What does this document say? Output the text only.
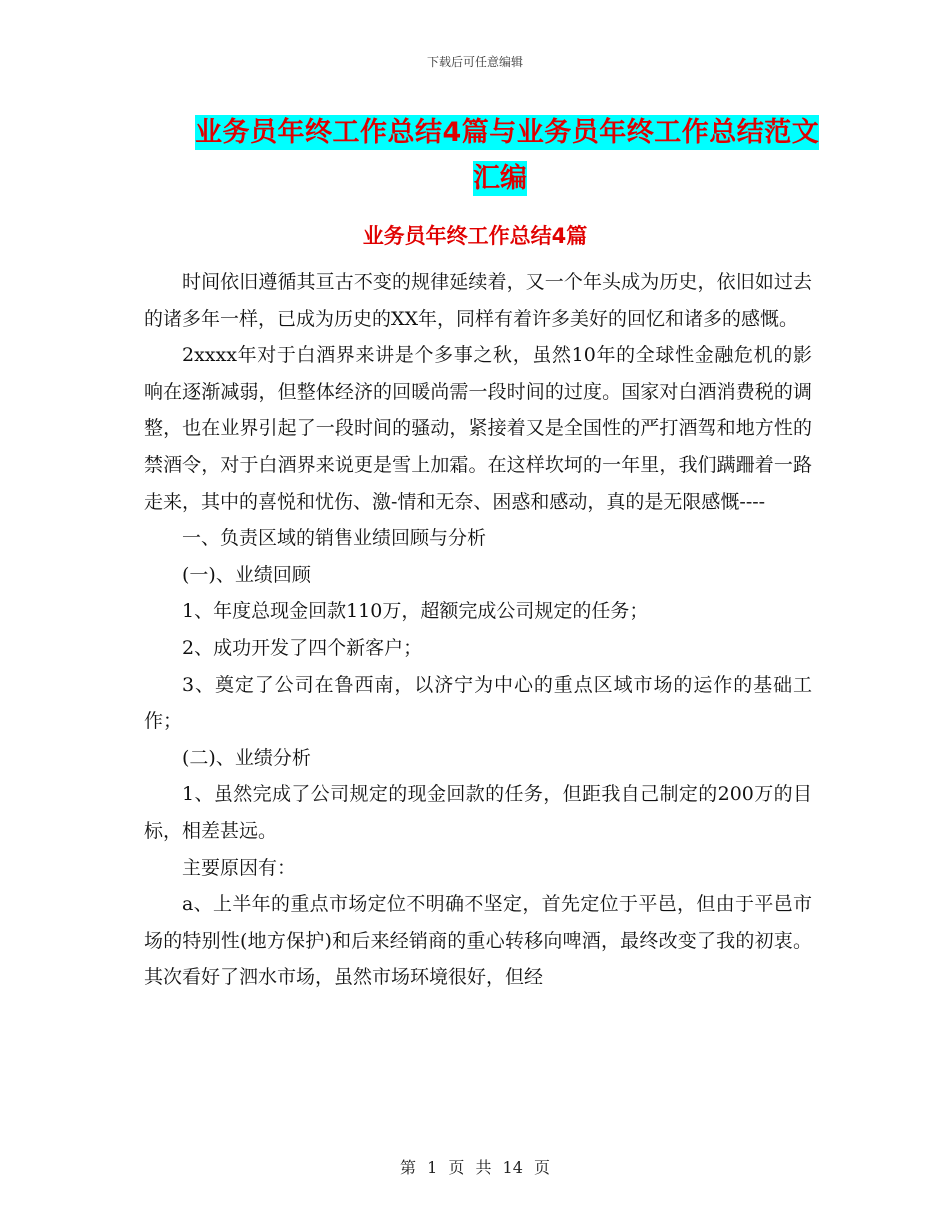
下载后可任意编辑
业务员年终工作总结4篇与业务员年终工作总结范文
汇编
业务员年终工作总结4篇

时间依旧遵循其亘古不变的规律延续着，又一个年头成为历史，依旧如过去的诸多年一样，已成为历史的XX年，同样有着许多美好的回忆和诸多的感慨。

2xxxx年对于白酒界来讲是个多事之秋，虽然10年的全球性金融危机的影响在逐渐减弱，但整体经济的回暖尚需一段时间的过度。国家对白酒消费税的调整，也在业界引起了一段时间的骚动，紧接着又是全国性的严打酒驾和地方性的禁酒令，对于白酒界来说更是雪上加霜。在这样坎坷的一年里，我们蹒跚着一路走来，其中的喜悦和忧伤、激-情和无奈、困惑和感动，真的是无限感慨----

一、负责区域的销售业绩回顾与分析

(一)、业绩回顾

1、年度总现金回款110万，超额完成公司规定的任务；

2、成功开发了四个新客户；

3、奠定了公司在鲁西南，以济宁为中心的重点区域市场的运作的基础工作；

(二)、业绩分析

1、虽然完成了公司规定的现金回款的任务，但距我自己制定的200万的目标，相差甚远。

主要原因有：

a、上半年的重点市场定位不明确不坚定，首先定位于平邑，但由于平邑市场的特别性(地方保护)和后来经销商的重心转移向啤酒，最终改变了我的初衷。其次看好了泗水市场，虽然市场环境很好，但经

第 1 页 共 14 页
